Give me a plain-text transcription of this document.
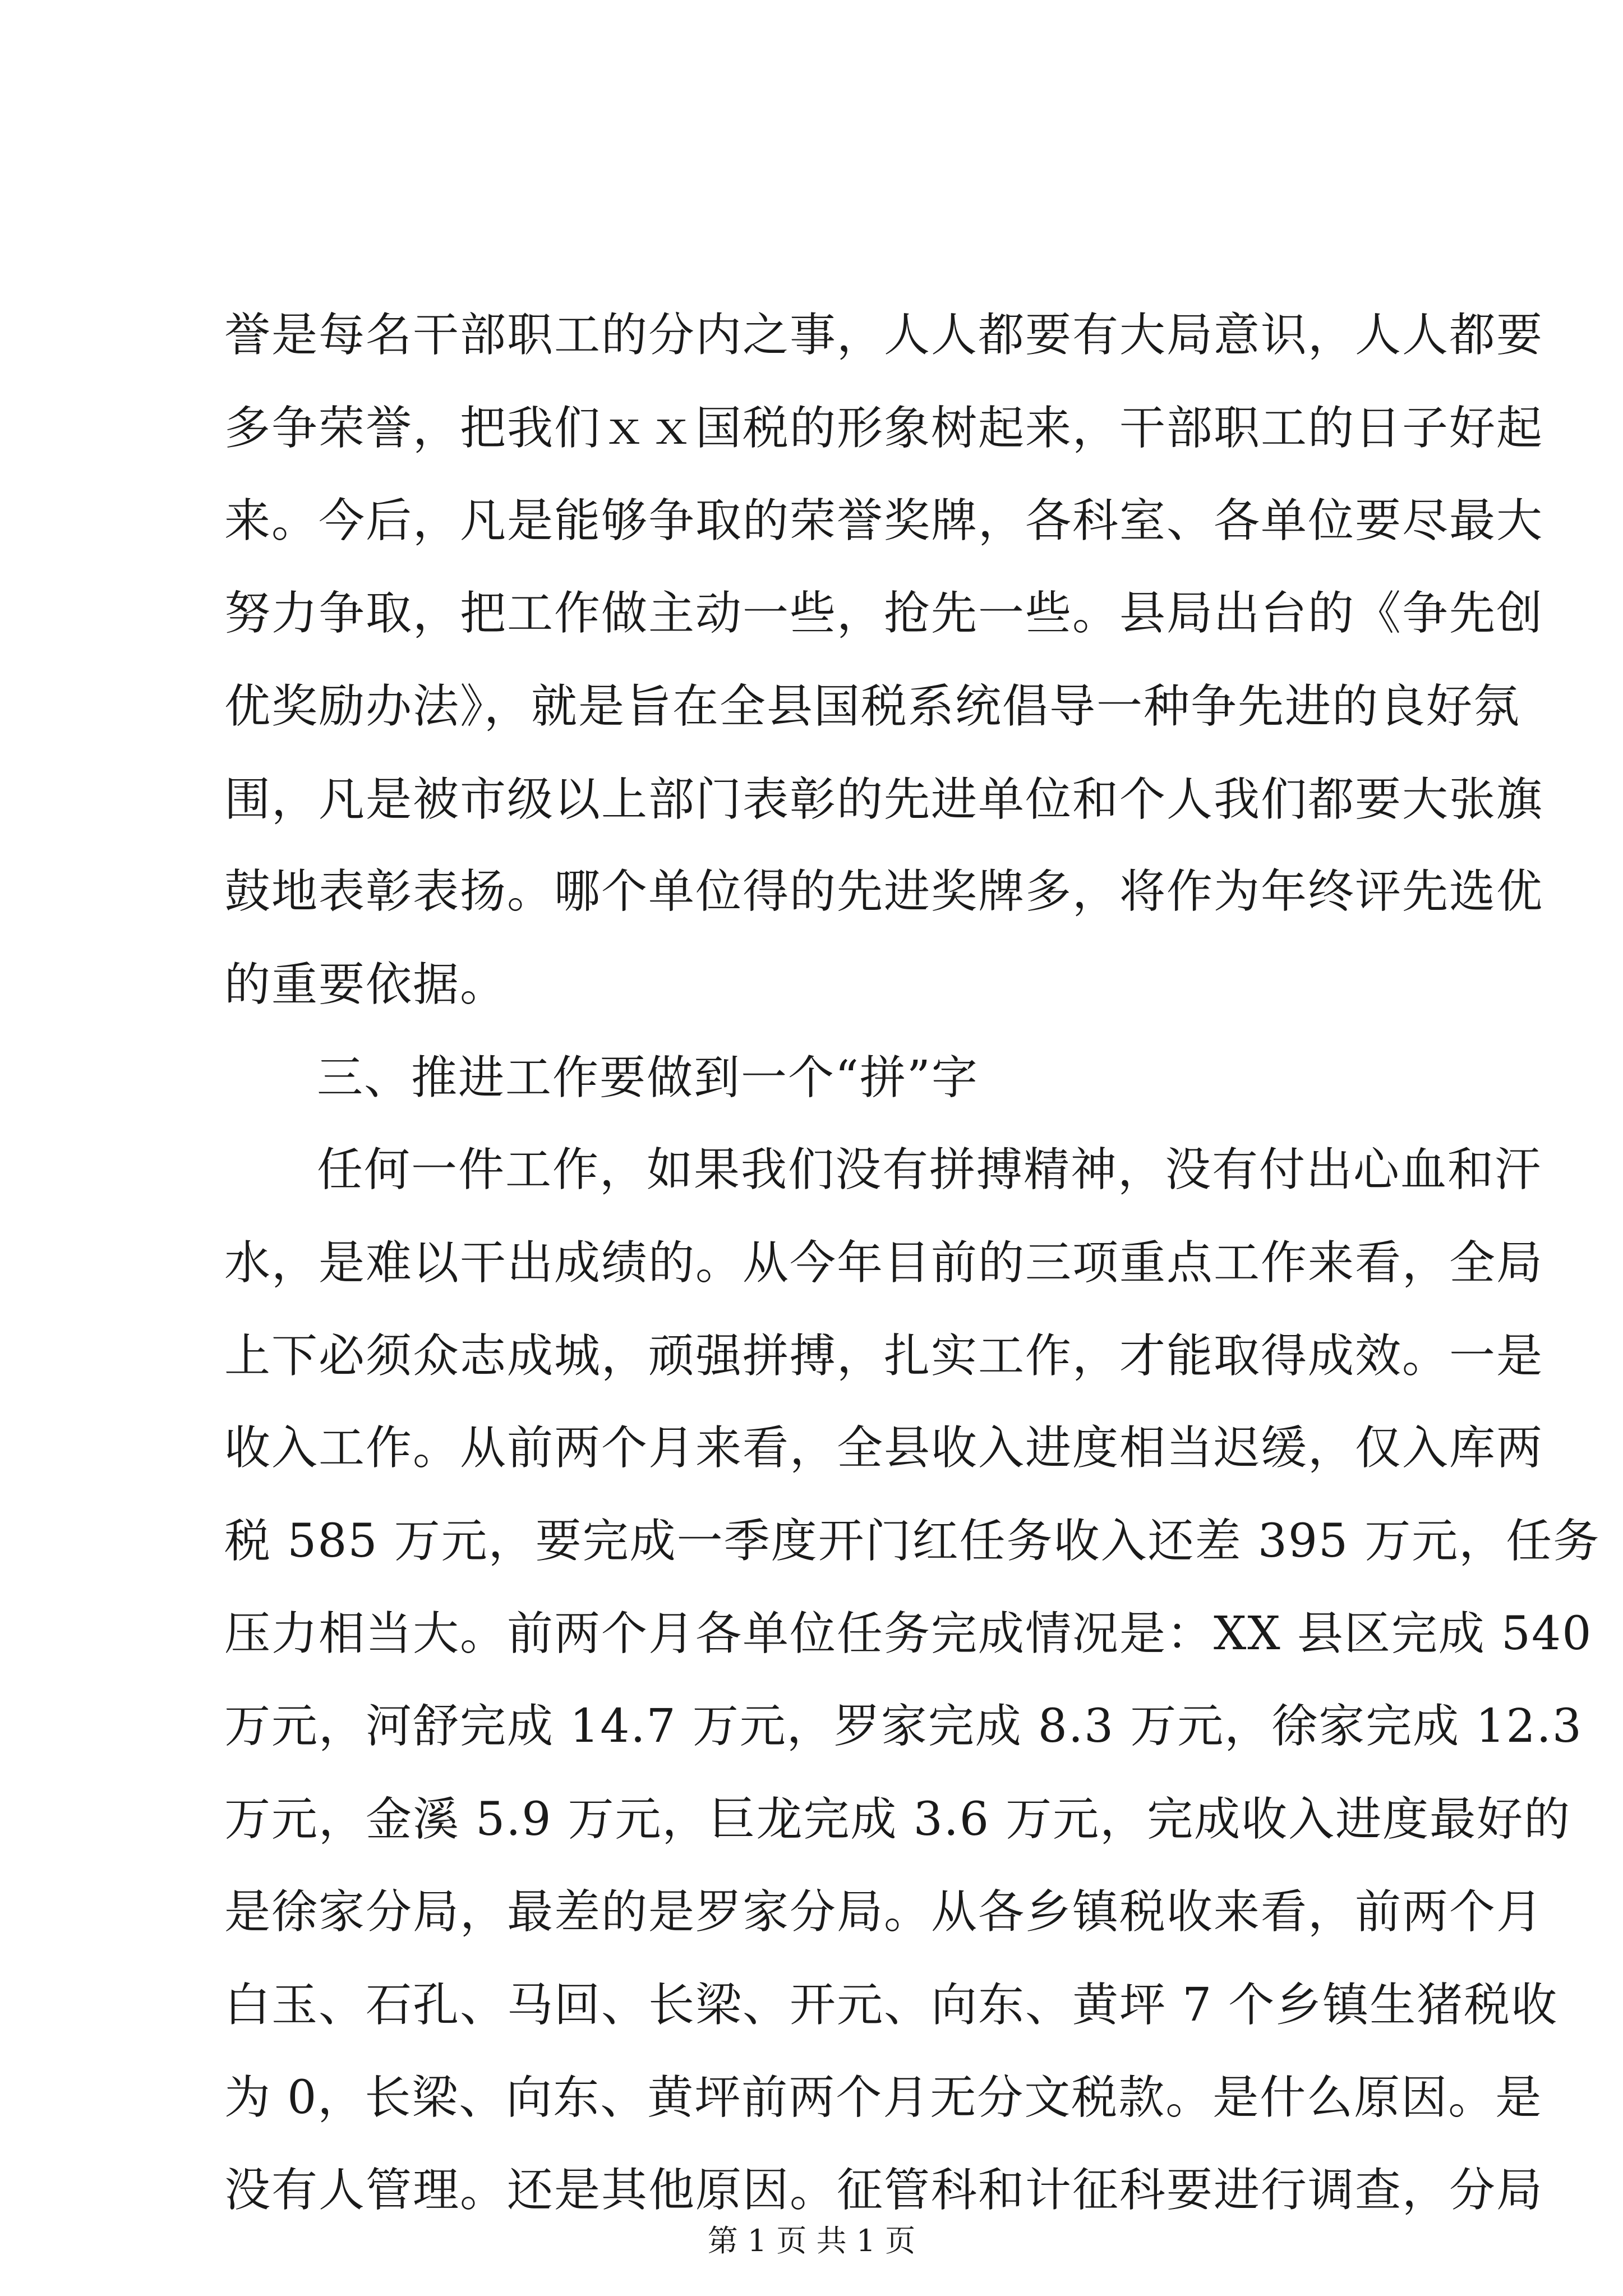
誉是每名干部职工的分内之事，人人都要有大局意识，人人都要
多争荣誉，把我们ｘｘ国税的形象树起来，干部职工的日子好起
来。今后，凡是能够争取的荣誉奖牌，各科室、各单位要尽最大
努力争取，把工作做主动一些，抢先一些。县局出台的《争先创
优奖励办法》，就是旨在全县国税系统倡导一种争先进的良好氛
围，凡是被市级以上部门表彰的先进单位和个人我们都要大张旗
鼓地表彰表扬。哪个单位得的先进奖牌多，将作为年终评先选优
的重要依据。
三、推进工作要做到一个“拼”字
任何一件工作，如果我们没有拼搏精神，没有付出心血和汗
水，是难以干出成绩的。从今年目前的三项重点工作来看，全局
上下必须众志成城，顽强拼搏，扎实工作，才能取得成效。一是
收入工作。从前两个月来看，全县收入进度相当迟缓，仅入库两
税 585 万元，要完成一季度开门红任务收入还差 395 万元，任务
压力相当大。前两个月各单位任务完成情况是：XX 县区完成 540
万元，河舒完成 14.7 万元，罗家完成 8.3 万元，徐家完成 12.3
万元，金溪 5.9 万元，巨龙完成 3.6 万元，完成收入进度最好的
是徐家分局，最差的是罗家分局。从各乡镇税收来看，前两个月
白玉、石孔、马回、长梁、开元、向东、黄坪 7 个乡镇生猪税收
为 0，长梁、向东、黄坪前两个月无分文税款。是什么原因。是
没有人管理。还是其他原因。征管科和计征科要进行调查，分局
第 1 页 共 1 页
